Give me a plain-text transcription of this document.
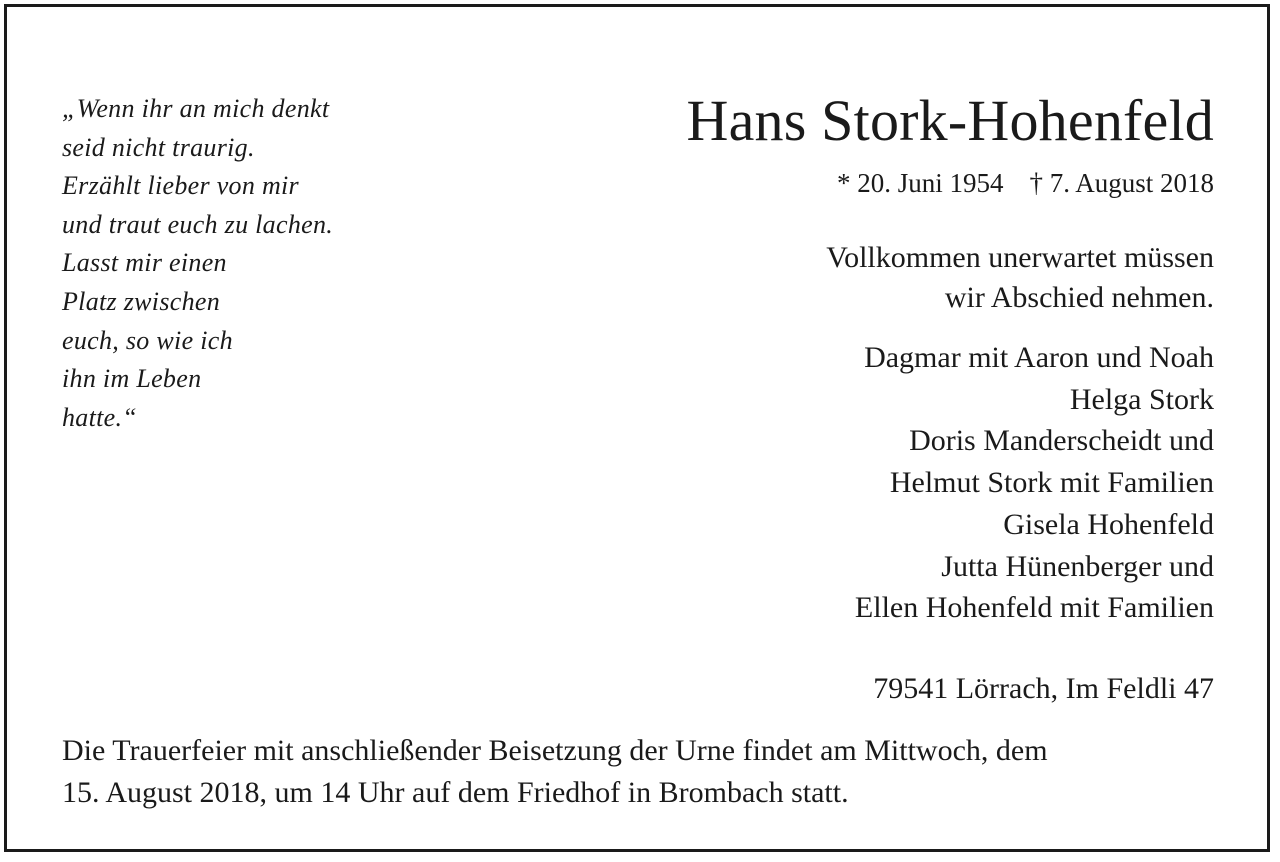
„Wenn ihr an mich denkt
seid nicht traurig.
Erzählt lieber von mir
und traut euch zu lachen.
Lasst mir einen
Platz zwischen
euch, so wie ich
ihn im Leben
hatte.“
Hans Stork-Hohenfeld
* 20. Juni 1954 † 7. August 2018
Vollkommen unerwartet müssen
wir Abschied nehmen.
Dagmar mit Aaron und Noah
Helga Stork
Doris Manderscheidt und
Helmut Stork mit Familien
Gisela Hohenfeld
Jutta Hünenberger und
Ellen Hohenfeld mit Familien
79541 Lörrach, Im Feldli 47
Die Trauerfeier mit anschließender Beisetzung der Urne findet am Mittwoch, dem
15. August 2018, um 14 Uhr auf dem Friedhof in Brombach statt.
